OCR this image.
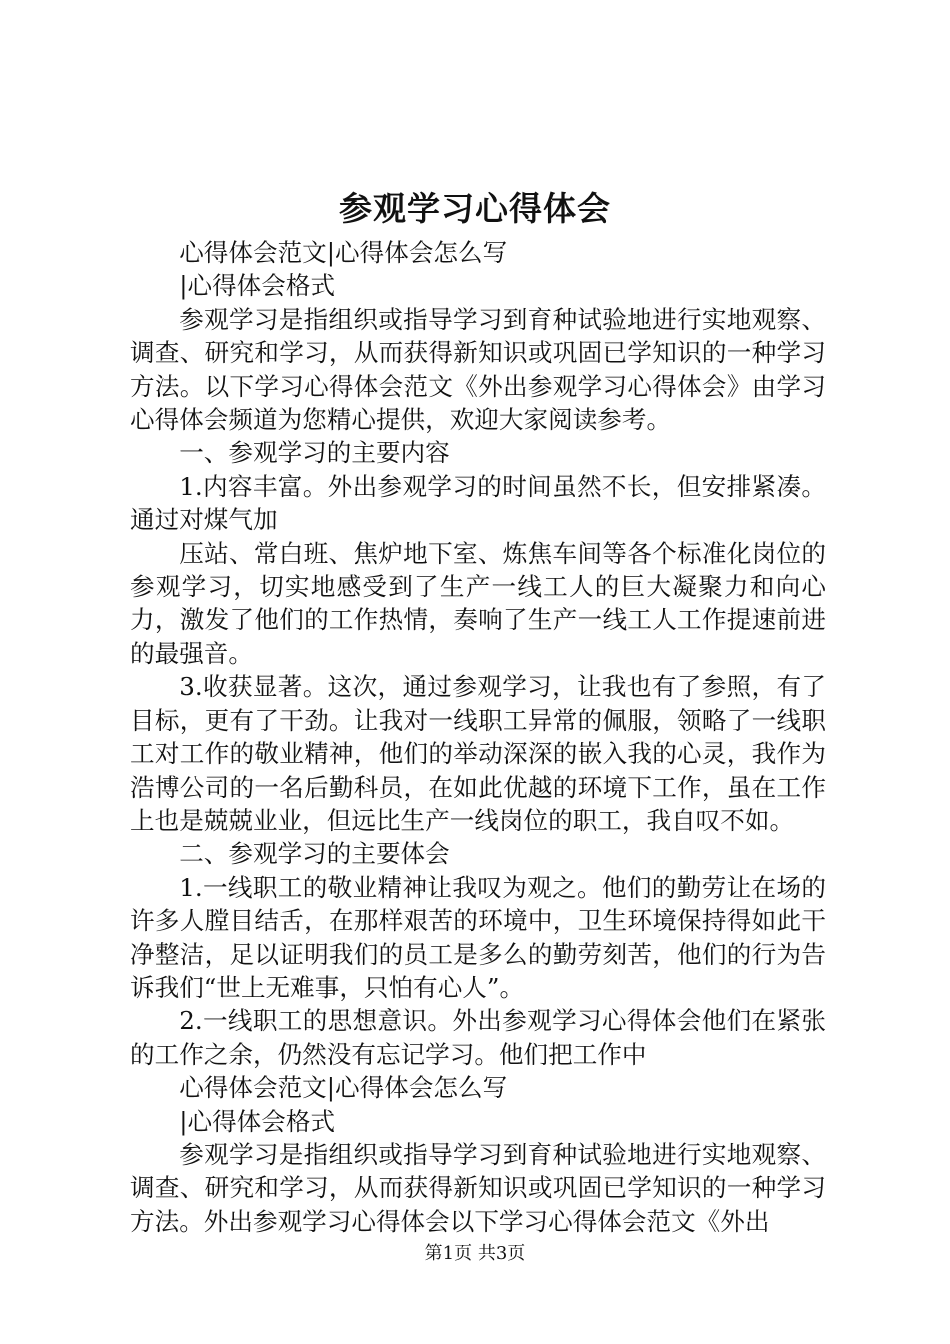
参观学习心得体会

心得体会范文|心得体会怎么写

|心得体会格式

参观学习是指组织或指导学习到育种试验地进行实地观察、调查、研究和学习，从而获得新知识或巩固已学知识的一种学习方法。以下学习心得体会范文《外出参观学习心得体会》由学习心得体会频道为您精心提供，欢迎大家阅读参考。

一、参观学习的主要内容

1.内容丰富。外出参观学习的时间虽然不长，但安排紧凑。通过对煤气加

压站、常白班、焦炉地下室、炼焦车间等各个标准化岗位的参观学习，切实地感受到了生产一线工人的巨大凝聚力和向心力，激发了他们的工作热情，奏响了生产一线工人工作提速前进的最强音。

3.收获显著。这次，通过参观学习，让我也有了参照，有了目标，更有了干劲。让我对一线职工异常的佩服，领略了一线职工对工作的敬业精神，他们的举动深深的嵌入我的心灵，我作为浩博公司的一名后勤科员，在如此优越的环境下工作，虽在工作上也是兢兢业业，但远比生产一线岗位的职工，我自叹不如。

二、参观学习的主要体会

1.一线职工的敬业精神让我叹为观之。他们的勤劳让在场的许多人膛目结舌，在那样艰苦的环境中，卫生环境保持得如此干净整洁，足以证明我们的员工是多么的勤劳刻苦，他们的行为告诉我们“世上无难事，只怕有心人”。

2.一线职工的思想意识。外出参观学习心得体会他们在紧张的工作之余，仍然没有忘记学习。他们把工作中

心得体会范文|心得体会怎么写

|心得体会格式

参观学习是指组织或指导学习到育种试验地进行实地观察、调查、研究和学习，从而获得新知识或巩固已学知识的一种学习方法。外出参观学习心得体会以下学习心得体会范文《外出

第1页 共3页
